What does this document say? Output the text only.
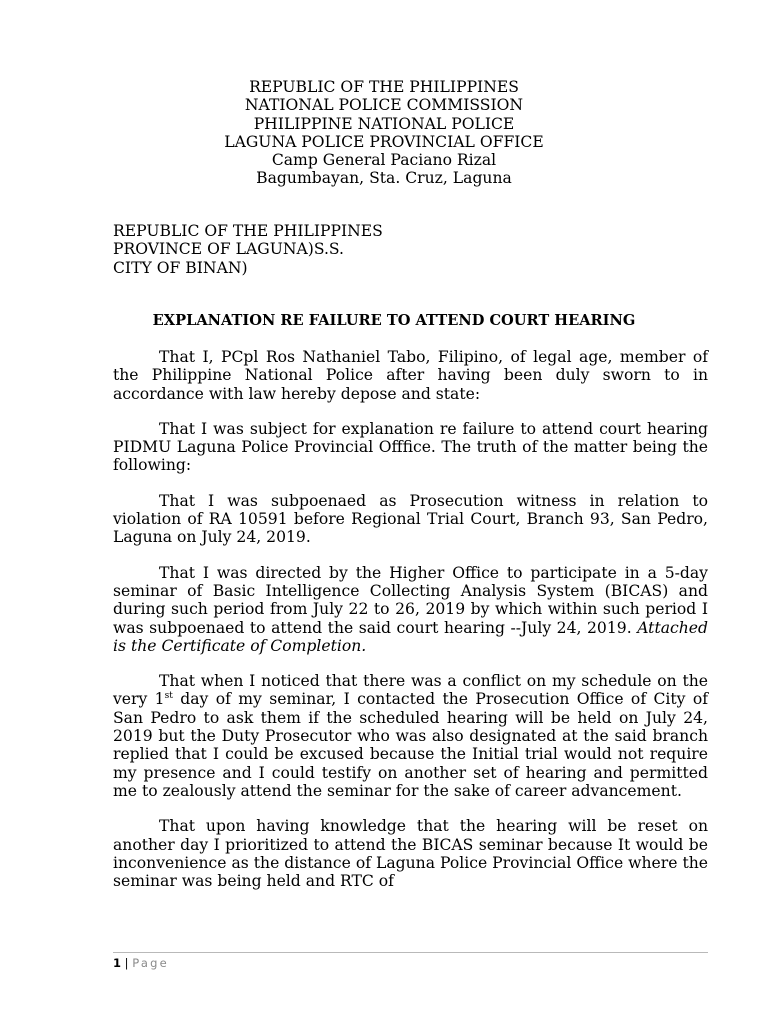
REPUBLIC OF THE PHILIPPINES
NATIONAL POLICE COMMISSION
PHILIPPINE NATIONAL POLICE
LAGUNA POLICE PROVINCIAL OFFICE
Camp General Paciano Rizal
Bagumbayan, Sta. Cruz, Laguna
REPUBLIC OF THE PHILIPPINES
PROVINCE OF LAGUNA)S.S.
CITY OF BINAN)
EXPLANATION RE FAILURE TO ATTEND COURT HEARING

That I, PCpl Ros Nathaniel Tabo, Filipino, of legal age, member of the Philippine National Police after having been duly sworn to in accordance with law hereby depose and state:

That I was subject for explanation re failure to attend court hearing PIDMU Laguna Police Provincial Offfice. The truth of the matter being the following:

That I was subpoenaed as Prosecution witness in relation to violation of RA 10591 before Regional Trial Court, Branch 93, San Pedro, Laguna on July 24, 2019.

That I was directed by the Higher Office to participate in a 5-day seminar of Basic Intelligence Collecting Analysis System (BICAS) and during such period from July 22 to 26, 2019 by which within such period I was subpoenaed to attend the said court hearing --July 24, 2019. Attached is the Certificate of Completion.

That when I noticed that there was a conflict on my schedule on the very 1st day of my seminar, I contacted the Prosecution Office of City of San Pedro to ask them if the scheduled hearing will be held on July 24, 2019 but the Duty Prosecutor who was also designated at the said branch replied that I could be excused because the Initial trial would not require my presence and I could testify on another set of hearing and permitted me to zealously attend the seminar for the sake of career advancement.

That upon having knowledge that the hearing will be reset on another day I prioritized to attend the BICAS seminar because It would be inconvenience as the distance of Laguna Police Provincial Office where the seminar was being held and RTC of

1 | Page
